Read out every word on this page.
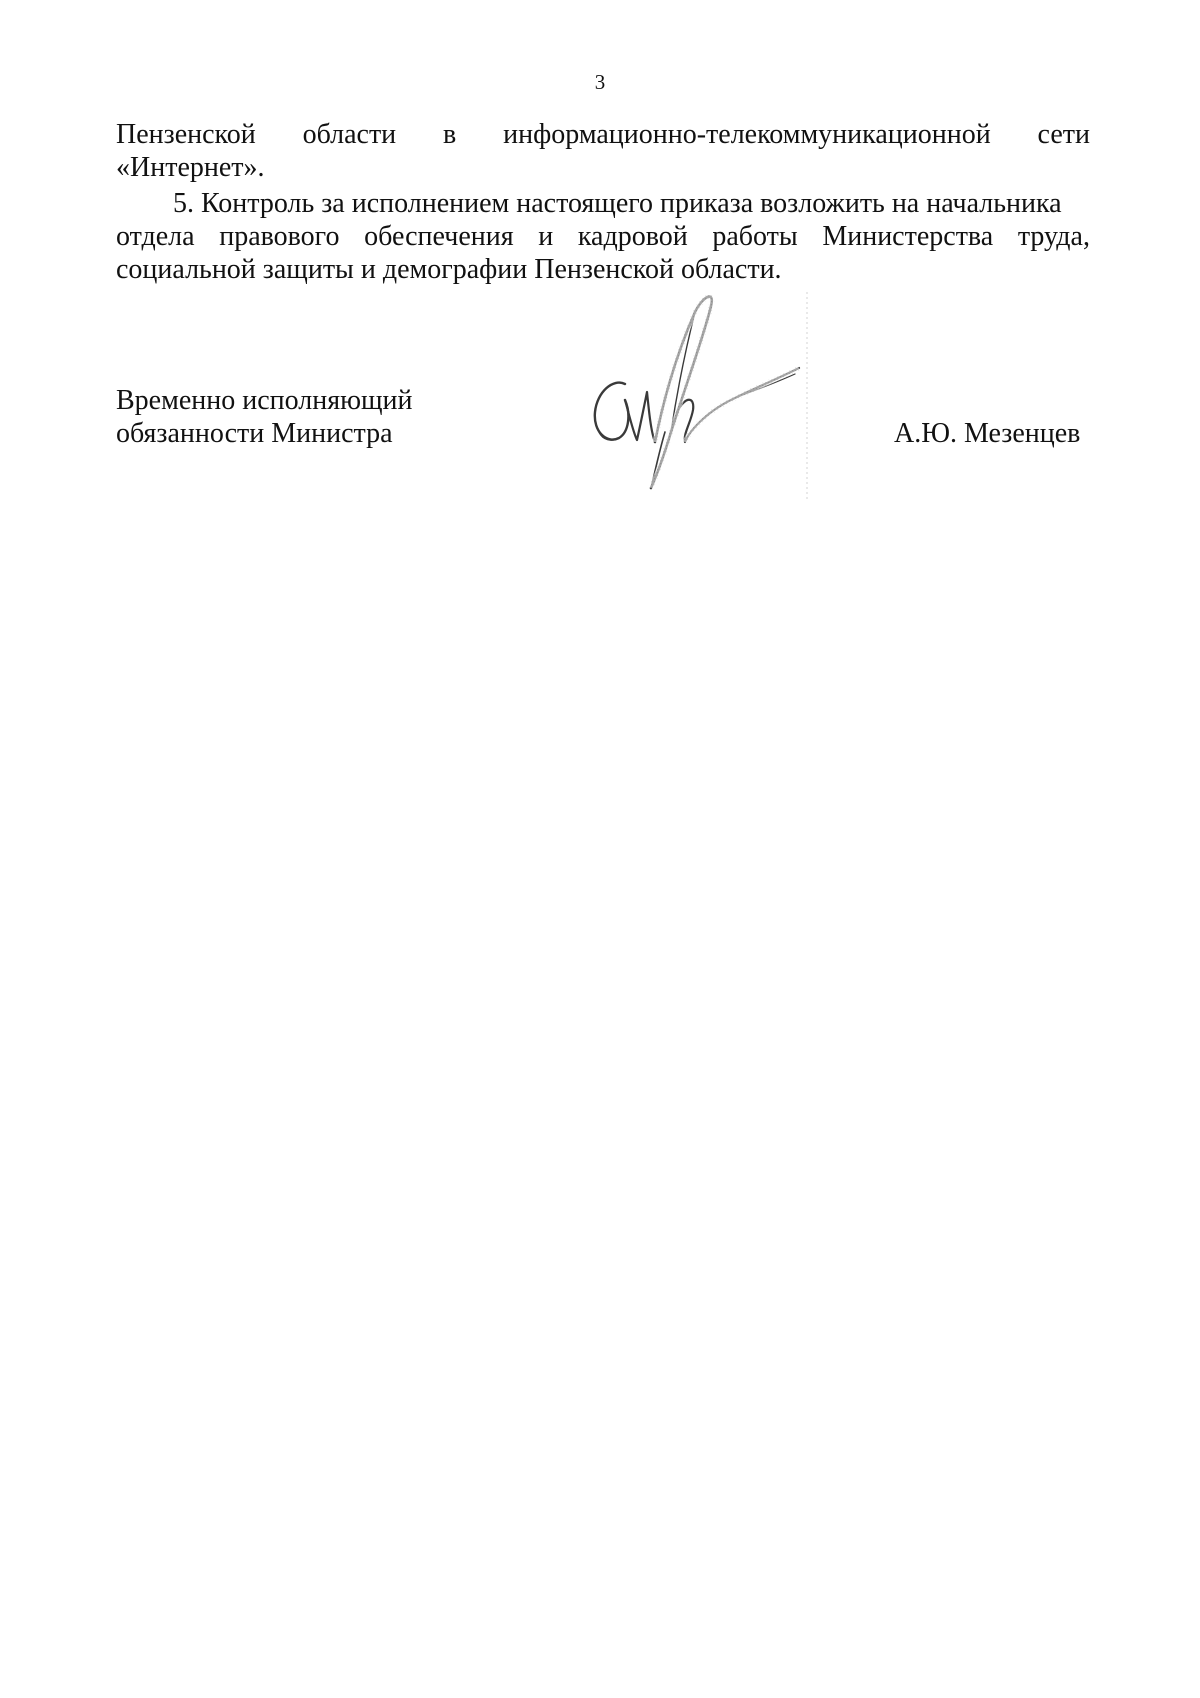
3
Пензенской области в информационно-телекоммуникационной сети
«Интернет».
5. Контроль за исполнением настоящего приказа возложить на начальника
отдела правового обеспечения и кадровой работы Министерства труда,
социальной защиты и демографии Пензенской области.
Временно исполняющий
обязанности Министра	А.Ю. Мезенцев
